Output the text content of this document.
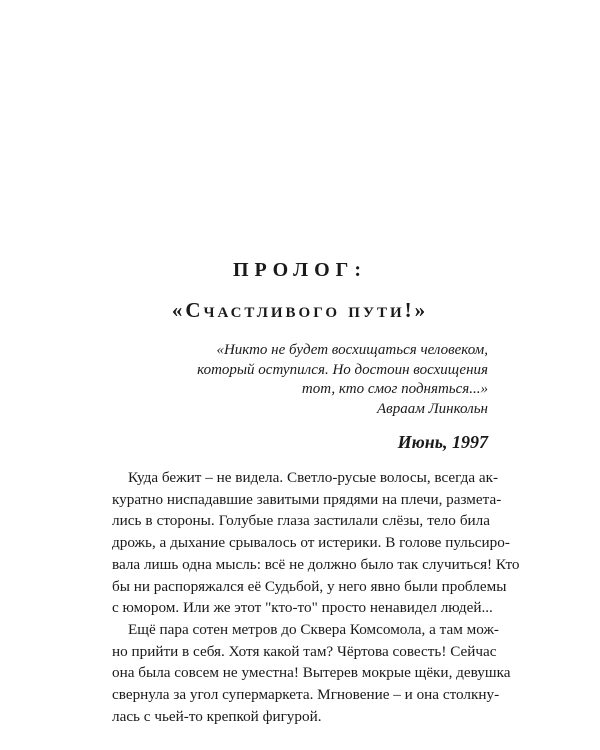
ПРОЛОГ:
«Счастливого пути!»
«Никто не будет восхищаться человеком,
который оступился. Но достоин восхищения
тот, кто смог подняться...»
Авраам Линкольн
Июнь, 1997

Куда бежит – не видела. Светло-русые волосы, всегда ак-
куратно ниспадавшие завитыми прядями на плечи, размета-
лись в стороны. Голубые глаза застилали слёзы, тело била
дрожь, а дыхание срывалось от истерики. В голове пульсиро-
вала лишь одна мысль: всё не должно было так случиться! Кто
бы ни распоряжался её Судьбой, у него явно были проблемы
с юмором. Или же этот "кто-то" просто ненавидел людей...

Ещё пара сотен метров до Сквера Комсомола, а там мож-
но прийти в себя. Хотя какой там? Чёртова совесть! Сейчас
она была совсем не уместна! Вытерев мокрые щёки, девушка
свернула за угол супермаркета. Мгновение – и она столкну-
лась с чьей-то крепкой фигурой.
